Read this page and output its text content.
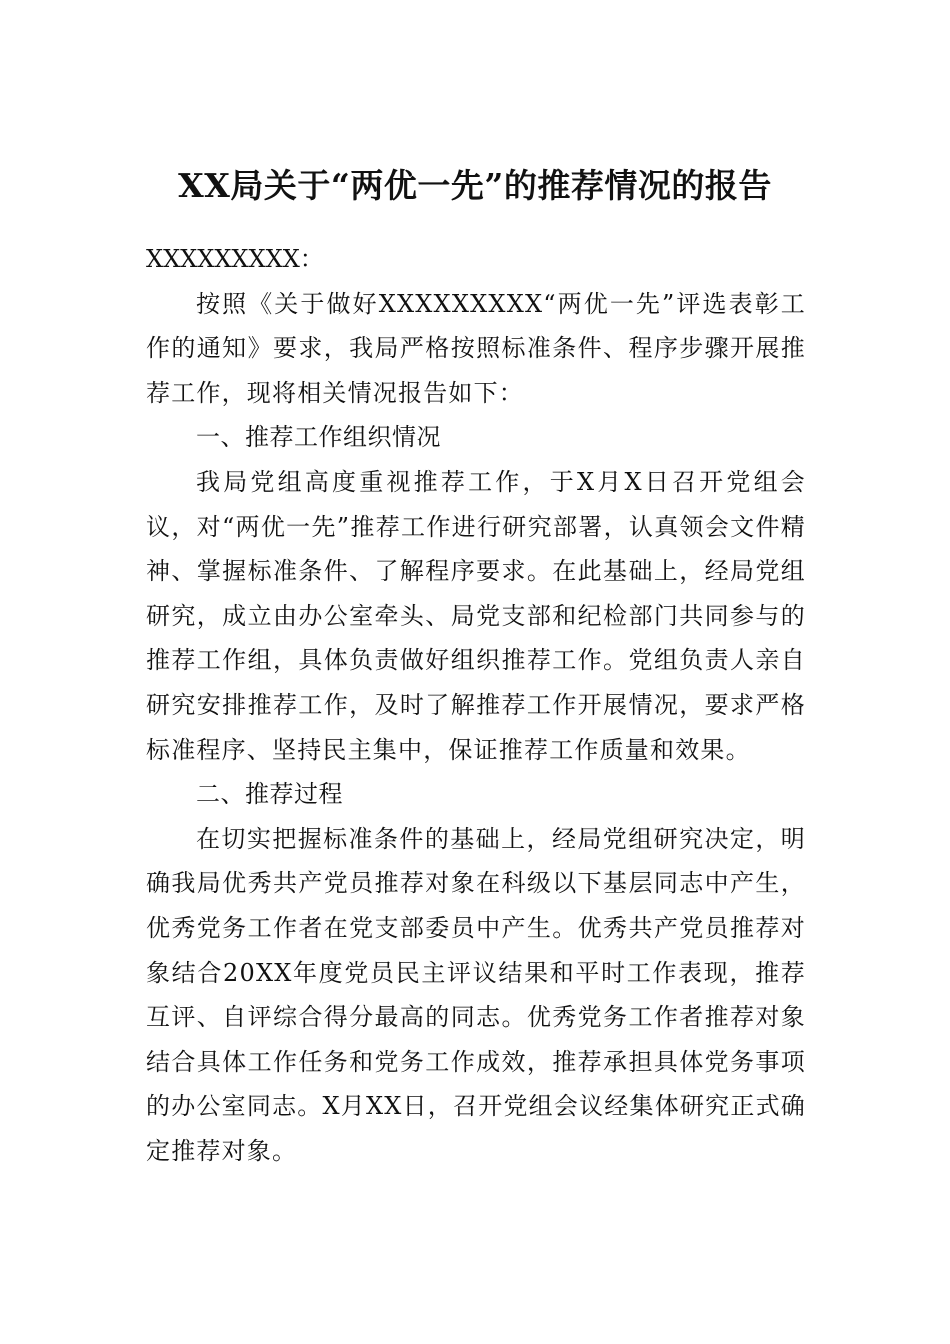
XX局关于“两优一先”的推荐情况的报告

XXXXXXXXX：

按照《关于做好XXXXXXXXX“两优一先”评选表彰工作的通知》要求，我局严格按照标准条件、程序步骤开展推荐工作，现将相关情况报告如下：

一、推荐工作组织情况

我局党组高度重视推荐工作，于X月X日召开党组会议，对“两优一先”推荐工作进行研究部署，认真领会文件精神、掌握标准条件、了解程序要求。在此基础上，经局党组研究，成立由办公室牵头、局党支部和纪检部门共同参与的推荐工作组，具体负责做好组织推荐工作。党组负责人亲自研究安排推荐工作，及时了解推荐工作开展情况，要求严格标准程序、坚持民主集中，保证推荐工作质量和效果。

二、推荐过程

在切实把握标准条件的基础上，经局党组研究决定，明确我局优秀共产党员推荐对象在科级以下基层同志中产生，优秀党务工作者在党支部委员中产生。优秀共产党员推荐对象结合20XX年度党员民主评议结果和平时工作表现，推荐互评、自评综合得分最高的同志。优秀党务工作者推荐对象结合具体工作任务和党务工作成效，推荐承担具体党务事项的办公室同志。X月XX日，召开党组会议经集体研究正式确定推荐对象。
